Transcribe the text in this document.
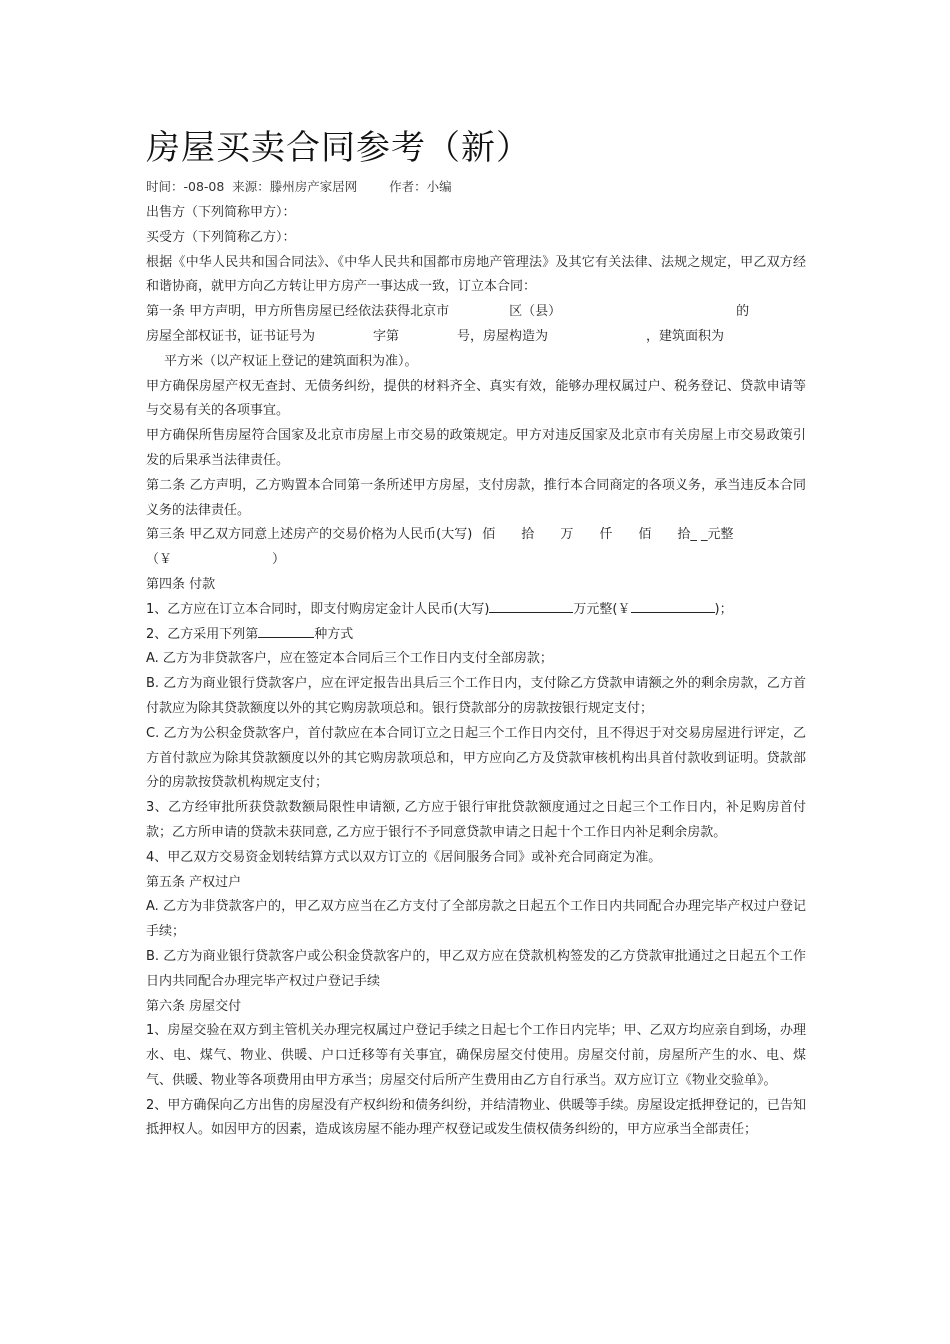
房屋买卖合同参考（新）
时间：-08-08 来源：滕州房产家居网	作者：小编

出售方（下列简称甲方）：

买受方（下列简称乙方）：

根据《中华人民共和国合同法》、《中华人民共和国都市房地产管理法》及其它有关法律、法规之规定，甲乙双方经和谐协商，就甲方向乙方转让甲方房产一事达成一致，订立本合同：

第一条 甲方声明，甲方所售房屋已经依法获得北京市	区（县）	的
房屋全部权证书，证书证号为	字第	号，房屋构造为	，建筑面积为
平方米（以产权证上登记的建筑面积为准）。

甲方确保房屋产权无查封、无债务纠纷，提供的材料齐全、真实有效，能够办理权属过户、税务登记、贷款申请等与交易有关的各项事宜。

甲方确保所售房屋符合国家及北京市房屋上市交易的政策规定。甲方对违反国家及北京市有关房屋上市交易政策引发的后果承当法律责任。

第二条 乙方声明，乙方购置本合同第一条所述甲方房屋，支付房款，推行本合同商定的各项义务，承当违反本合同义务的法律责任。

第三条 甲乙双方同意上述房产的交易价格为人民币(大写) 佰 拾 万 仟 佰 拾_ _元整
（￥	）

第四条 付款

1、乙方应在订立本合同时，即支付购房定金计人民币(大写)	万元整(￥	)；

2、乙方采用下列第	种方式

A. 乙方为非贷款客户，应在签定本合同后三个工作日内支付全部房款；

B. 乙方为商业银行贷款客户，应在评定报告出具后三个工作日内，支付除乙方贷款申请额之外的剩余房款，乙方首付款应为除其贷款额度以外的其它购房款项总和。银行贷款部分的房款按银行规定支付；

C. 乙方为公积金贷款客户，首付款应在本合同订立之日起三个工作日内交付，且不得迟于对交易房屋进行评定，乙方首付款应为除其贷款额度以外的其它购房款项总和，甲方应向乙方及贷款审核机构出具首付款收到证明。贷款部分的房款按贷款机构规定支付；

3、乙方经审批所获贷款数额局限性申请额, 乙方应于银行审批贷款额度通过之日起三个工作日内，补足购房首付款；乙方所申请的贷款未获同意, 乙方应于银行不予同意贷款申请之日起十个工作日内补足剩余房款。

4、甲乙双方交易资金划转结算方式以双方订立的《居间服务合同》或补充合同商定为准。

第五条 产权过户

A. 乙方为非贷款客户的，甲乙双方应当在乙方支付了全部房款之日起五个工作日内共同配合办理完毕产权过户登记手续；

B. 乙方为商业银行贷款客户或公积金贷款客户的，甲乙双方应在贷款机构签发的乙方贷款审批通过之日起五个工作日内共同配合办理完毕产权过户登记手续

第六条 房屋交付

1、房屋交验在双方到主管机关办理完权属过户登记手续之日起七个工作日内完毕；甲、乙双方均应亲自到场，办理水、电、煤气、物业、供暖、户口迁移等有关事宜，确保房屋交付使用。房屋交付前，房屋所产生的水、电、煤气、供暖、物业等各项费用由甲方承当；房屋交付后所产生费用由乙方自行承当。双方应订立《物业交验单》。

2、甲方确保向乙方出售的房屋没有产权纠纷和债务纠纷，并结清物业、供暖等手续。房屋设定抵押登记的，已告知抵押权人。如因甲方的因素，造成该房屋不能办理产权登记或发生债权债务纠纷的，甲方应承当全部责任；
